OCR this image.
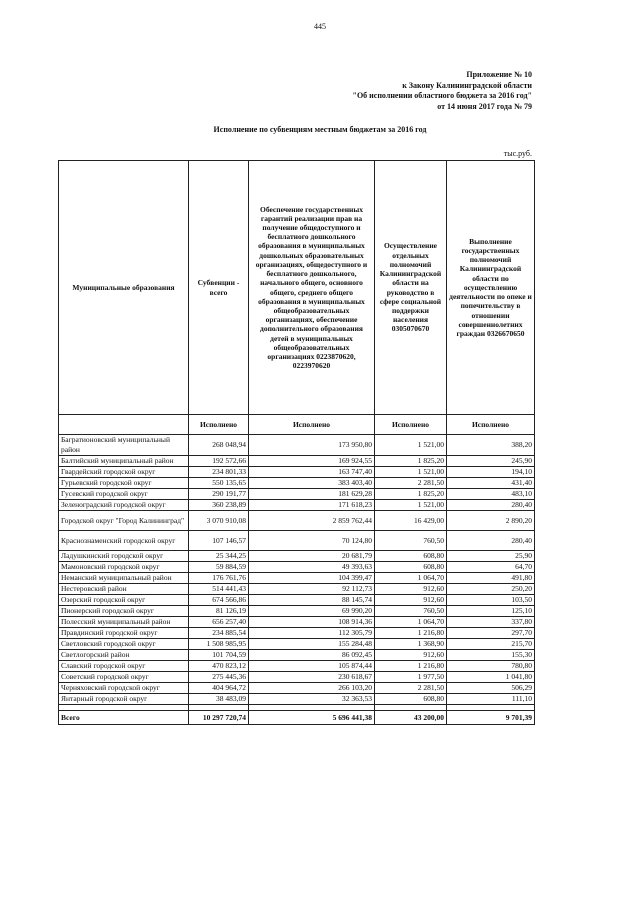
445
Приложение № 10
к Закону Калининградской области
"Об исполнении областного бюджета за 2016 год"
от 14 июня 2017 года № 79
Исполнение по субвенциям местным бюджетам за 2016 год
тыс.руб.
Муниципальные образования	Субвенции - всего	Обеспечение государственных гарантий реализации прав на получение общедоступного и бесплатного дошкольного образования в муниципальных дошкольных образовательных организациях, общедоступного и бесплатного дошкольного, начального общего, основного общего, среднего общего образования в муниципальных общеобразовательных организациях, обеспечение дополнительного образования детей в муниципальных общеобразовательных организациях 0223870620, 0223970620	Осуществление отдельных полномочий Калининградской области на руководство в сфере социальной поддержки населения 0305070670	Выполнение государственных полномочий Калининградской области по осуществлению деятельности по опеке и попечительству в отношении совершеннолетних граждан 0326670650
	Исполнено	Исполнено	Исполнено	Исполнено
Багратионовский муниципальный район	268 048,94	173 950,80	1 521,00	388,20
Балтийский муниципальный район	192 572,66	169 924,55	1 825,20	245,90
Гвардейский городской округ	234 801,33	163 747,40	1 521,00	194,10
Гурьевский городской округ	550 135,65	383 403,40	2 281,50	431,40
Гусевский городской округ	290 191,77	181 629,28	1 825,20	483,10
Зеленоградский городской округ	360 238,89	171 618,23	1 521,00	280,40
Городской округ "Город Калининград"	3 070 910,08	2 859 762,44	16 429,00	2 890,20
Краснознаменский городской округ	107 146,57	70 124,80	760,50	280,40
Ладушкинский городской округ	25 344,25	20 681,79	608,80	25,90
Мамоновский городской округ	59 884,59	49 393,63	608,80	64,70
Неманский муниципальный район	176 761,76	104 399,47	1 064,70	491,80
Нестеровский район	514 441,43	92 112,73	912,60	250,20
Озерский городской округ	674 566,86	88 145,74	912,60	103,50
Пионерский городской округ	81 126,19	69 990,20	760,50	125,10
Полесский муниципальный район	656 257,40	108 914,36	1 064,70	337,80
Правдинский городской округ	234 885,54	112 305,79	1 216,80	297,70
Светловский городской округ	1 508 985,95	155 284,48	1 368,90	215,70
Светлогорский район	101 704,59	86 092,45	912,60	155,30
Славский городской округ	470 823,12	105 874,44	1 216,80	780,80
Советский городской округ	275 445,36	230 618,67	1 977,50	1 041,80
Черняховский городской округ	404 964,72	266 103,20	2 281,50	506,29
Янтарный городской округ	38 483,09	32 363,53	608,80	111,10

Всего	10 297 720,74	5 696 441,38	43 200,00	9 701,39
